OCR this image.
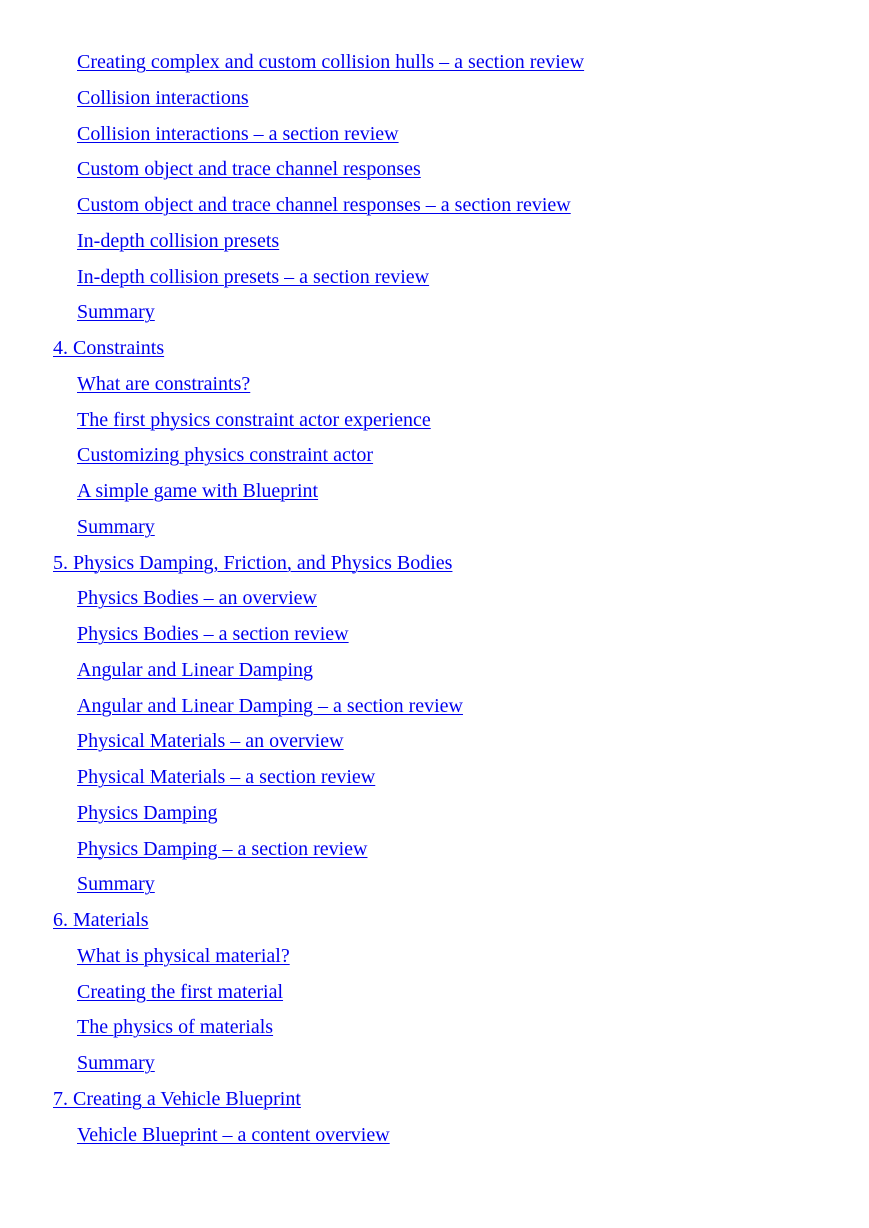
Creating complex and custom collision hulls – a section review
Collision interactions
Collision interactions – a section review
Custom object and trace channel responses
Custom object and trace channel responses – a section review
In-depth collision presets
In-depth collision presets – a section review
Summary
4. Constraints
What are constraints?
The first physics constraint actor experience
Customizing physics constraint actor
A simple game with Blueprint
Summary
5. Physics Damping, Friction, and Physics Bodies
Physics Bodies – an overview
Physics Bodies – a section review
Angular and Linear Damping
Angular and Linear Damping – a section review
Physical Materials – an overview
Physical Materials – a section review
Physics Damping
Physics Damping – a section review
Summary
6. Materials
What is physical material?
Creating the first material
The physics of materials
Summary
7. Creating a Vehicle Blueprint
Vehicle Blueprint – a content overview
